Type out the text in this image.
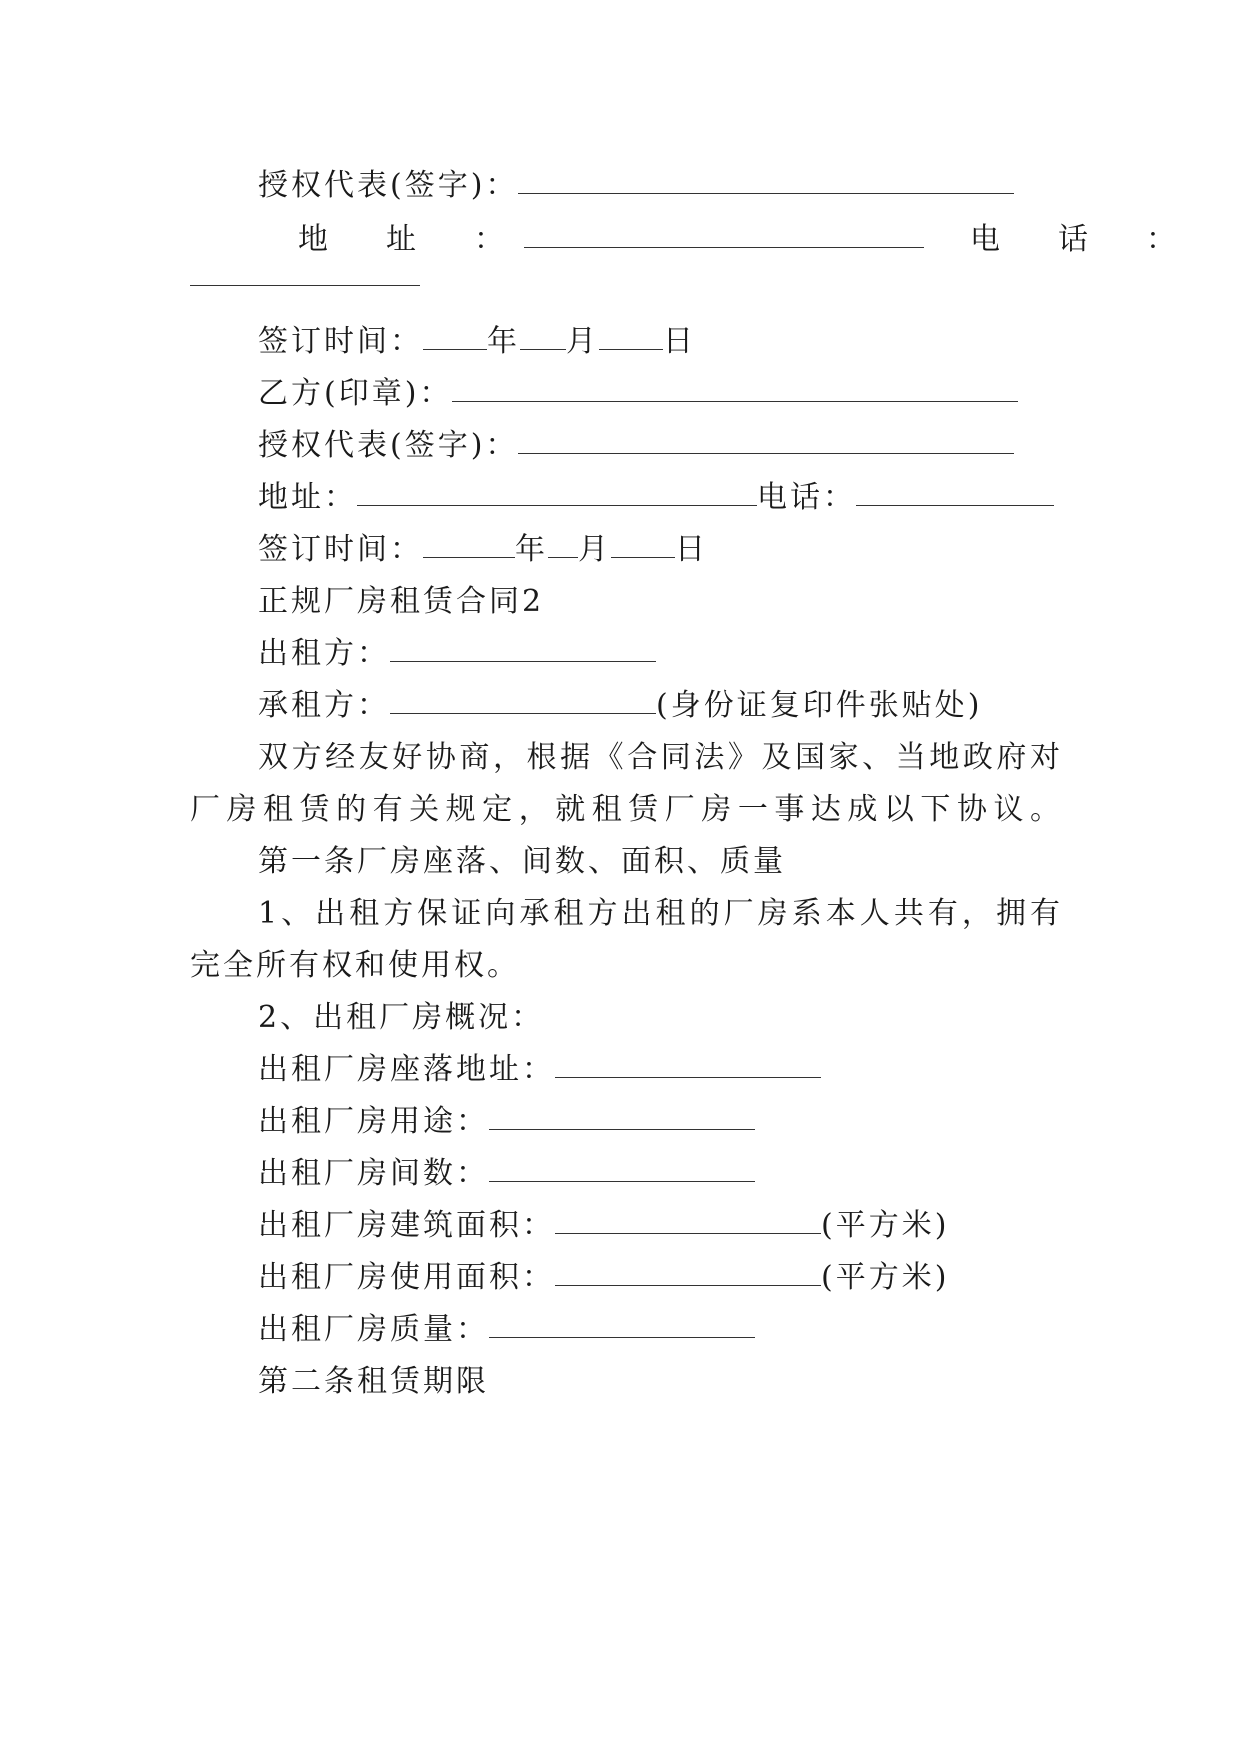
授权代表(签字)：
地　址　：	电　话　：
签订时间： 年 月 日
乙方(印章)：
授权代表(签字)：
地址：	电话：
签订时间：	年 月 日
正规厂房租赁合同2
出租方：
承租方：	(身份证复印件张贴处)
双方经友好协商，根据《合同法》及国家、当地政府对
厂房租赁的有关规定，就租赁厂房一事达成以下协议。
第一条厂房座落、间数、面积、质量
1、出租方保证向承租方出租的厂房系本人共有，拥有
完全所有权和使用权。
2、出租厂房概况：
出租厂房座落地址：
出租厂房用途：
出租厂房间数：
出租厂房建筑面积：	(平方米)
出租厂房使用面积：	(平方米)
出租厂房质量：
第二条租赁期限
